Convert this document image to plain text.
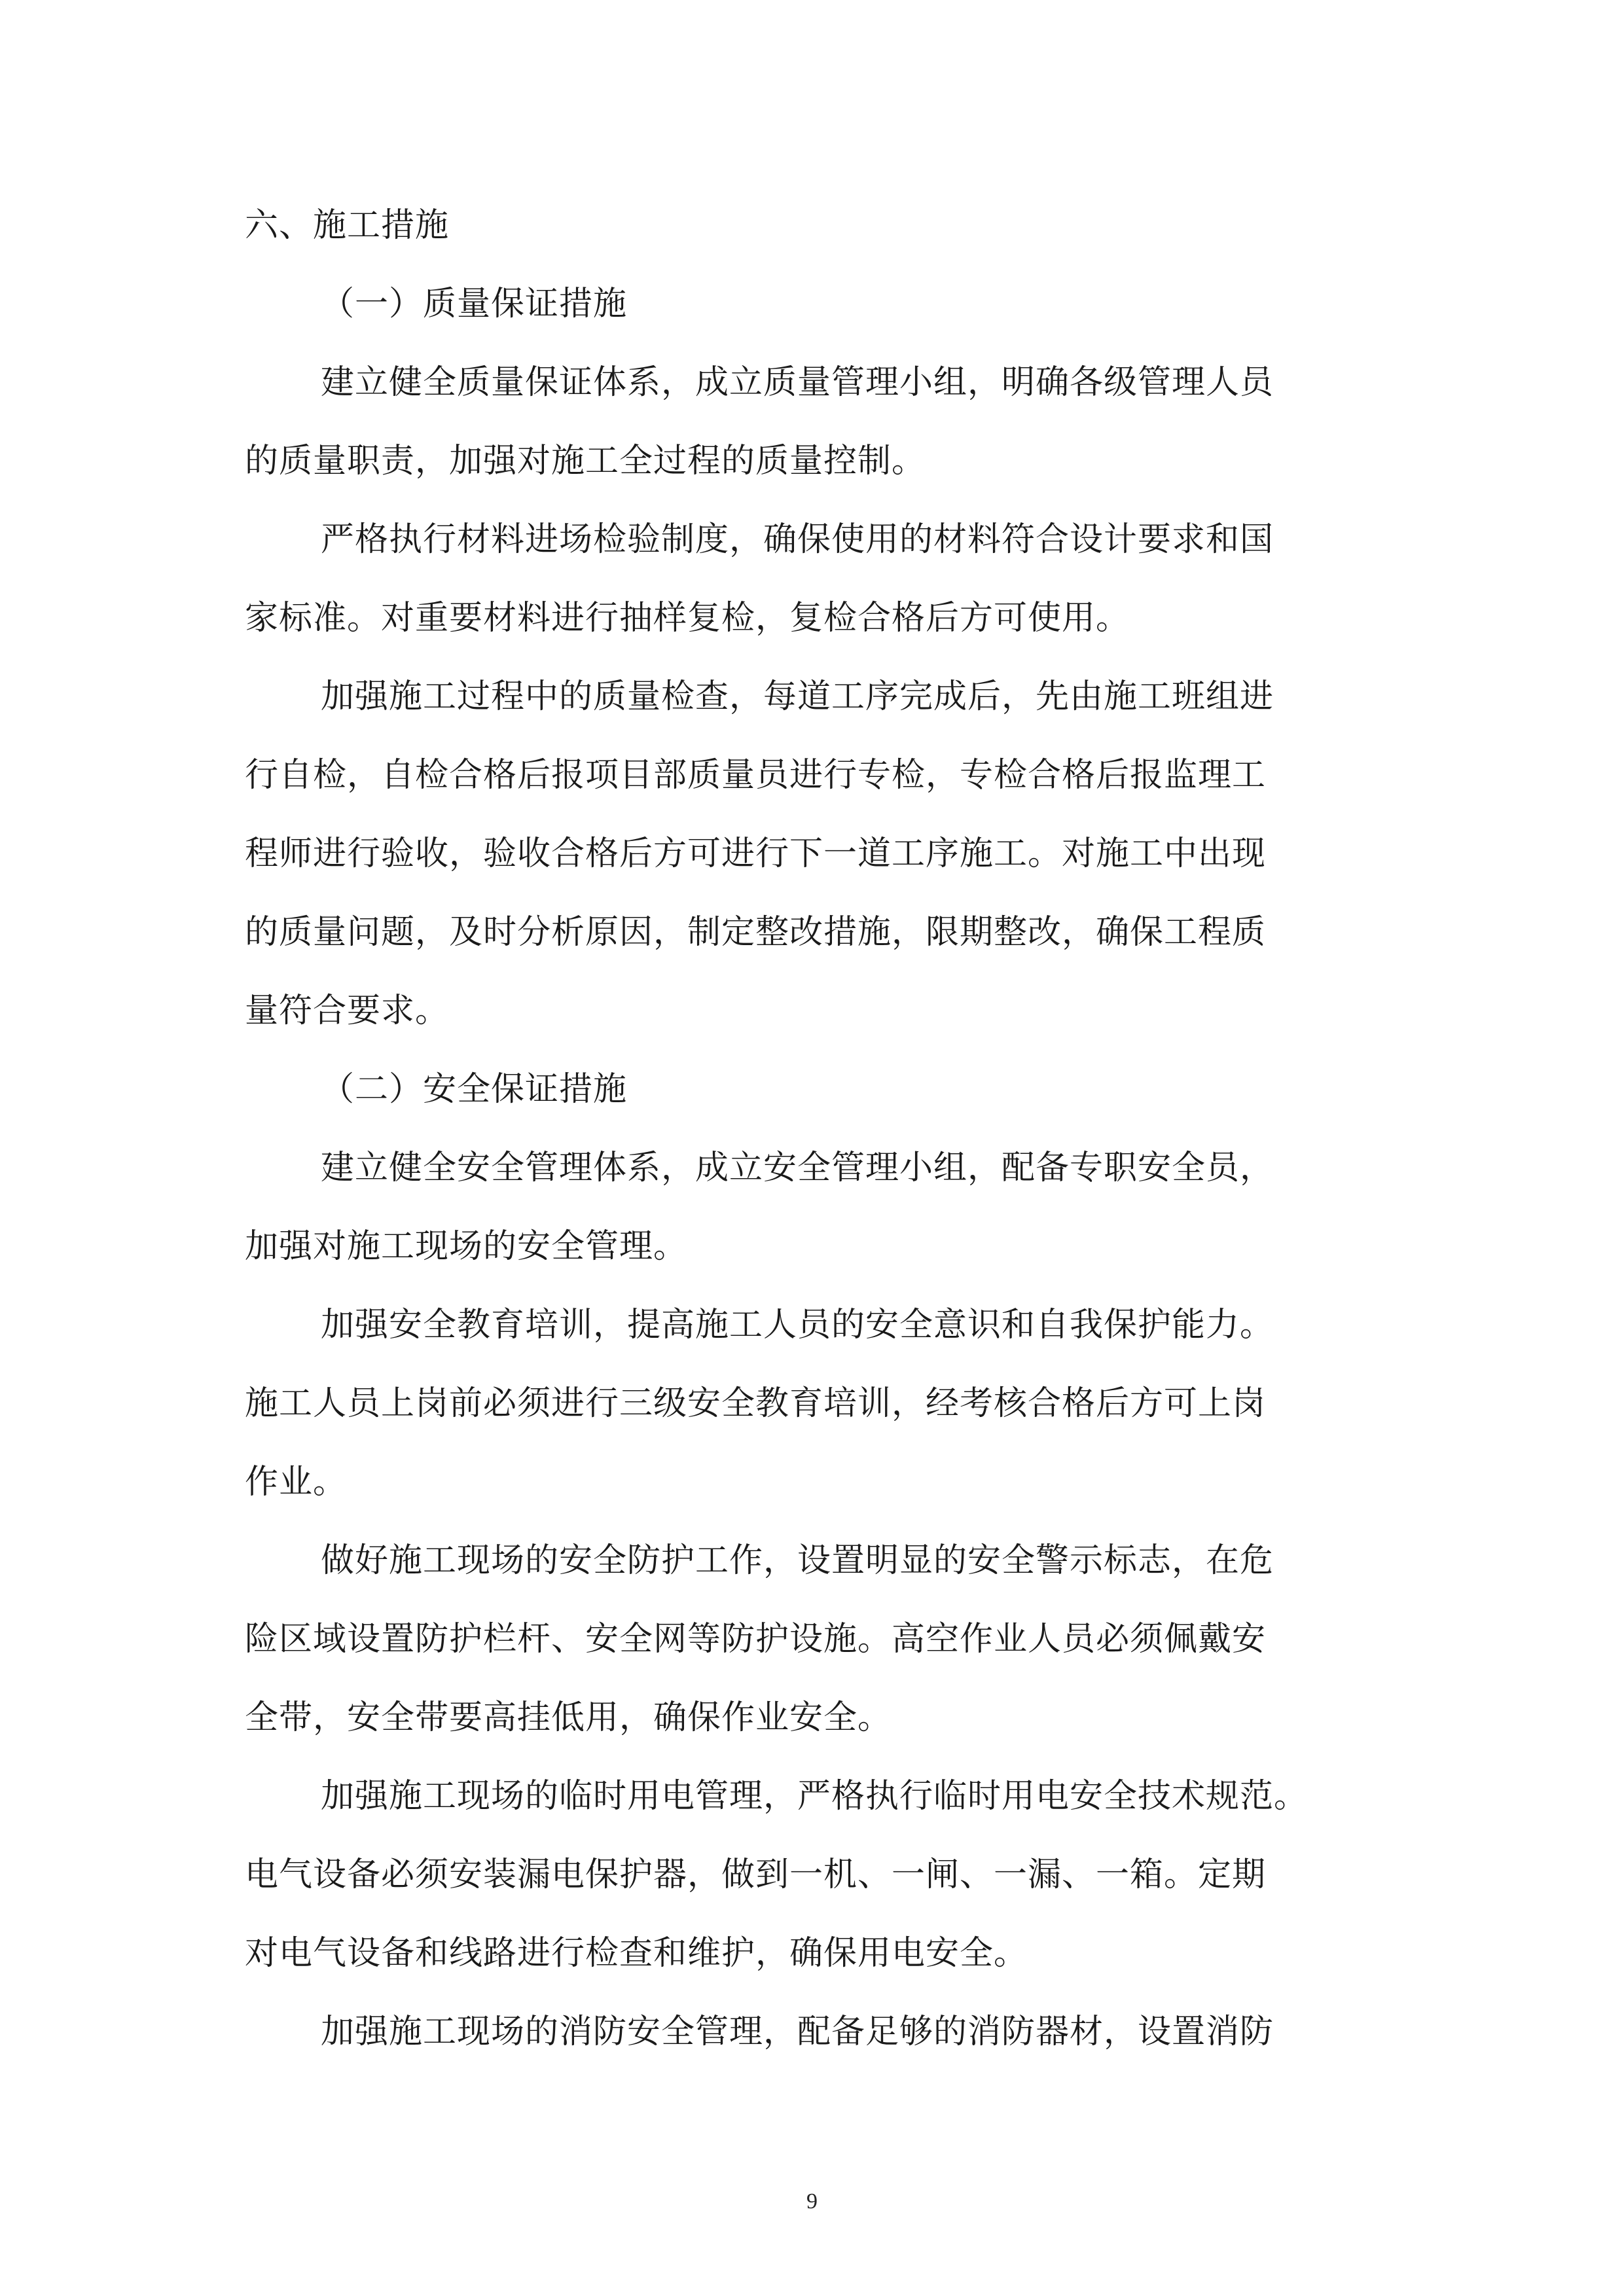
六、施工措施
（一）质量保证措施
建立健全质量保证体系，成立质量管理小组，明确各级管理人员
的质量职责，加强对施工全过程的质量控制。
严格执行材料进场检验制度，确保使用的材料符合设计要求和国
家标准。对重要材料进行抽样复检，复检合格后方可使用。
加强施工过程中的质量检查，每道工序完成后，先由施工班组进
行自检，自检合格后报项目部质量员进行专检，专检合格后报监理工
程师进行验收，验收合格后方可进行下一道工序施工。对施工中出现
的质量问题，及时分析原因，制定整改措施，限期整改，确保工程质
量符合要求。
（二）安全保证措施
建立健全安全管理体系，成立安全管理小组，配备专职安全员，
加强对施工现场的安全管理。
加强安全教育培训，提高施工人员的安全意识和自我保护能力。
施工人员上岗前必须进行三级安全教育培训，经考核合格后方可上岗
作业。
做好施工现场的安全防护工作，设置明显的安全警示标志，在危
险区域设置防护栏杆、安全网等防护设施。高空作业人员必须佩戴安
全带，安全带要高挂低用，确保作业安全。
加强施工现场的临时用电管理，严格执行临时用电安全技术规范。
电气设备必须安装漏电保护器，做到一机、一闸、一漏、一箱。定期
对电气设备和线路进行检查和维护，确保用电安全。
加强施工现场的消防安全管理，配备足够的消防器材，设置消防
9
